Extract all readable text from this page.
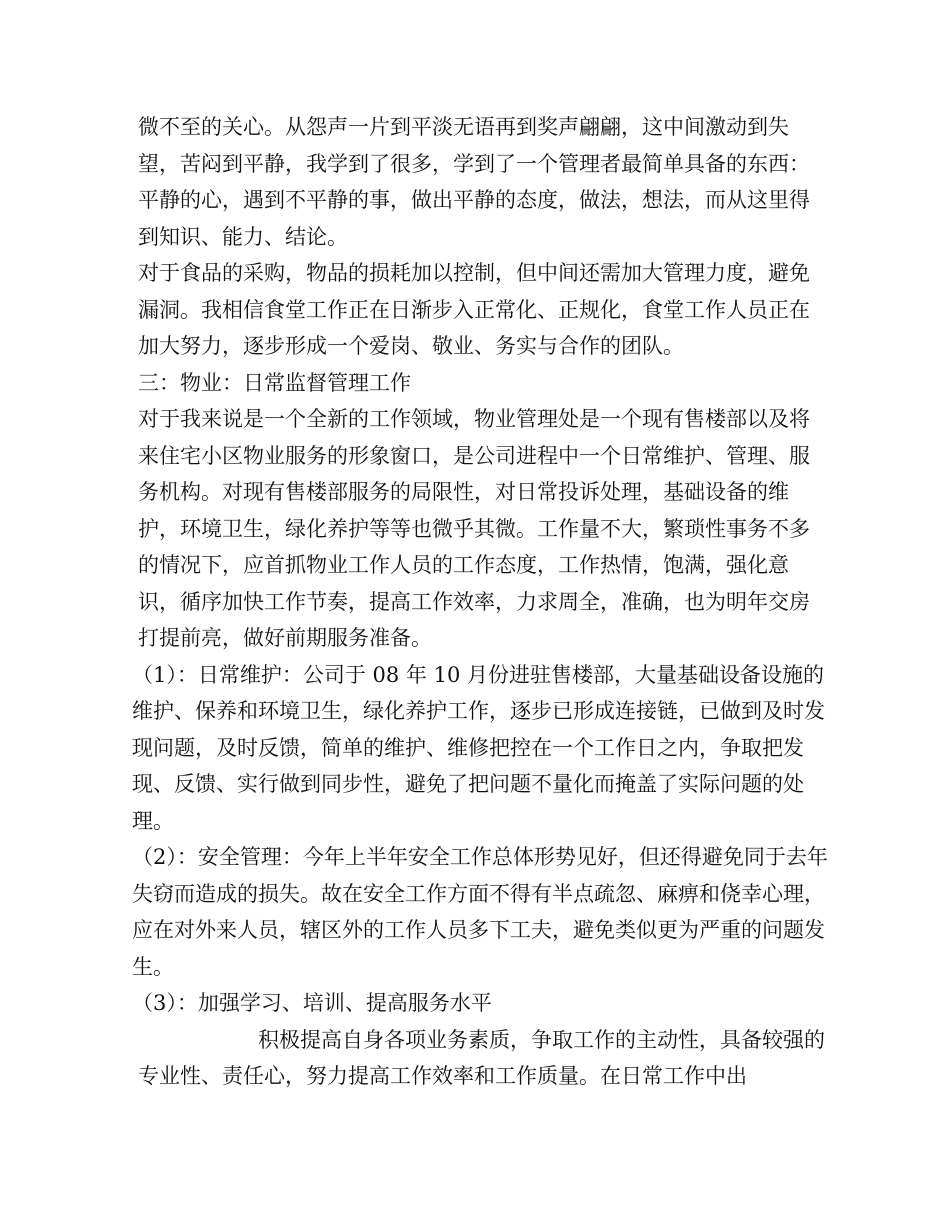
微不至的关心。从怨声一片到平淡无语再到奖声翩翩，这中间激动到失望，苦闷到平静，我学到了很多，学到了一个管理者最简单具备的东西：平静的心，遇到不平静的事，做出平静的态度，做法，想法，而从这里得到知识、能力、结论。

对于食品的采购，物品的损耗加以控制，但中间还需加大管理力度，避免漏洞。我相信食堂工作正在日渐步入正常化、正规化，食堂工作人员正在加大努力，逐步形成一个爱岗、敬业、务实与合作的团队。

三：物业：日常监督管理工作

对于我来说是一个全新的工作领域，物业管理处是一个现有售楼部以及将来住宅小区物业服务的形象窗口，是公司进程中一个日常维护、管理、服务机构。对现有售楼部服务的局限性，对日常投诉处理，基础设备的维护，环境卫生，绿化养护等等也微乎其微。工作量不大，繁琐性事务不多的情况下，应首抓物业工作人员的工作态度，工作热情，饱满，强化意识，循序加快工作节奏，提高工作效率，力求周全，准确，也为明年交房打提前亮，做好前期服务准备。

（1）：日常维护：公司于 08 年 10 月份进驻售楼部，大量基础设备设施的维护、保养和环境卫生，绿化养护工作，逐步已形成连接链，已做到及时发现问题，及时反馈，简单的维护、维修把控在一个工作日之内，争取把发现、反馈、实行做到同步性，避免了把问题不量化而掩盖了实际问题的处理。

（2）：安全管理：今年上半年安全工作总体形势见好，但还得避免同于去年失窃而造成的损失。故在安全工作方面不得有半点疏忽、麻痹和侥幸心理，应在对外来人员，辖区外的工作人员多下工夫，避免类似更为严重的问题发生。

（3）：加强学习、培训、提高服务水平

积极提高自身各项业务素质，争取工作的主动性，具备较强的专业性、责任心，努力提高工作效率和工作质量。在日常工作中出
